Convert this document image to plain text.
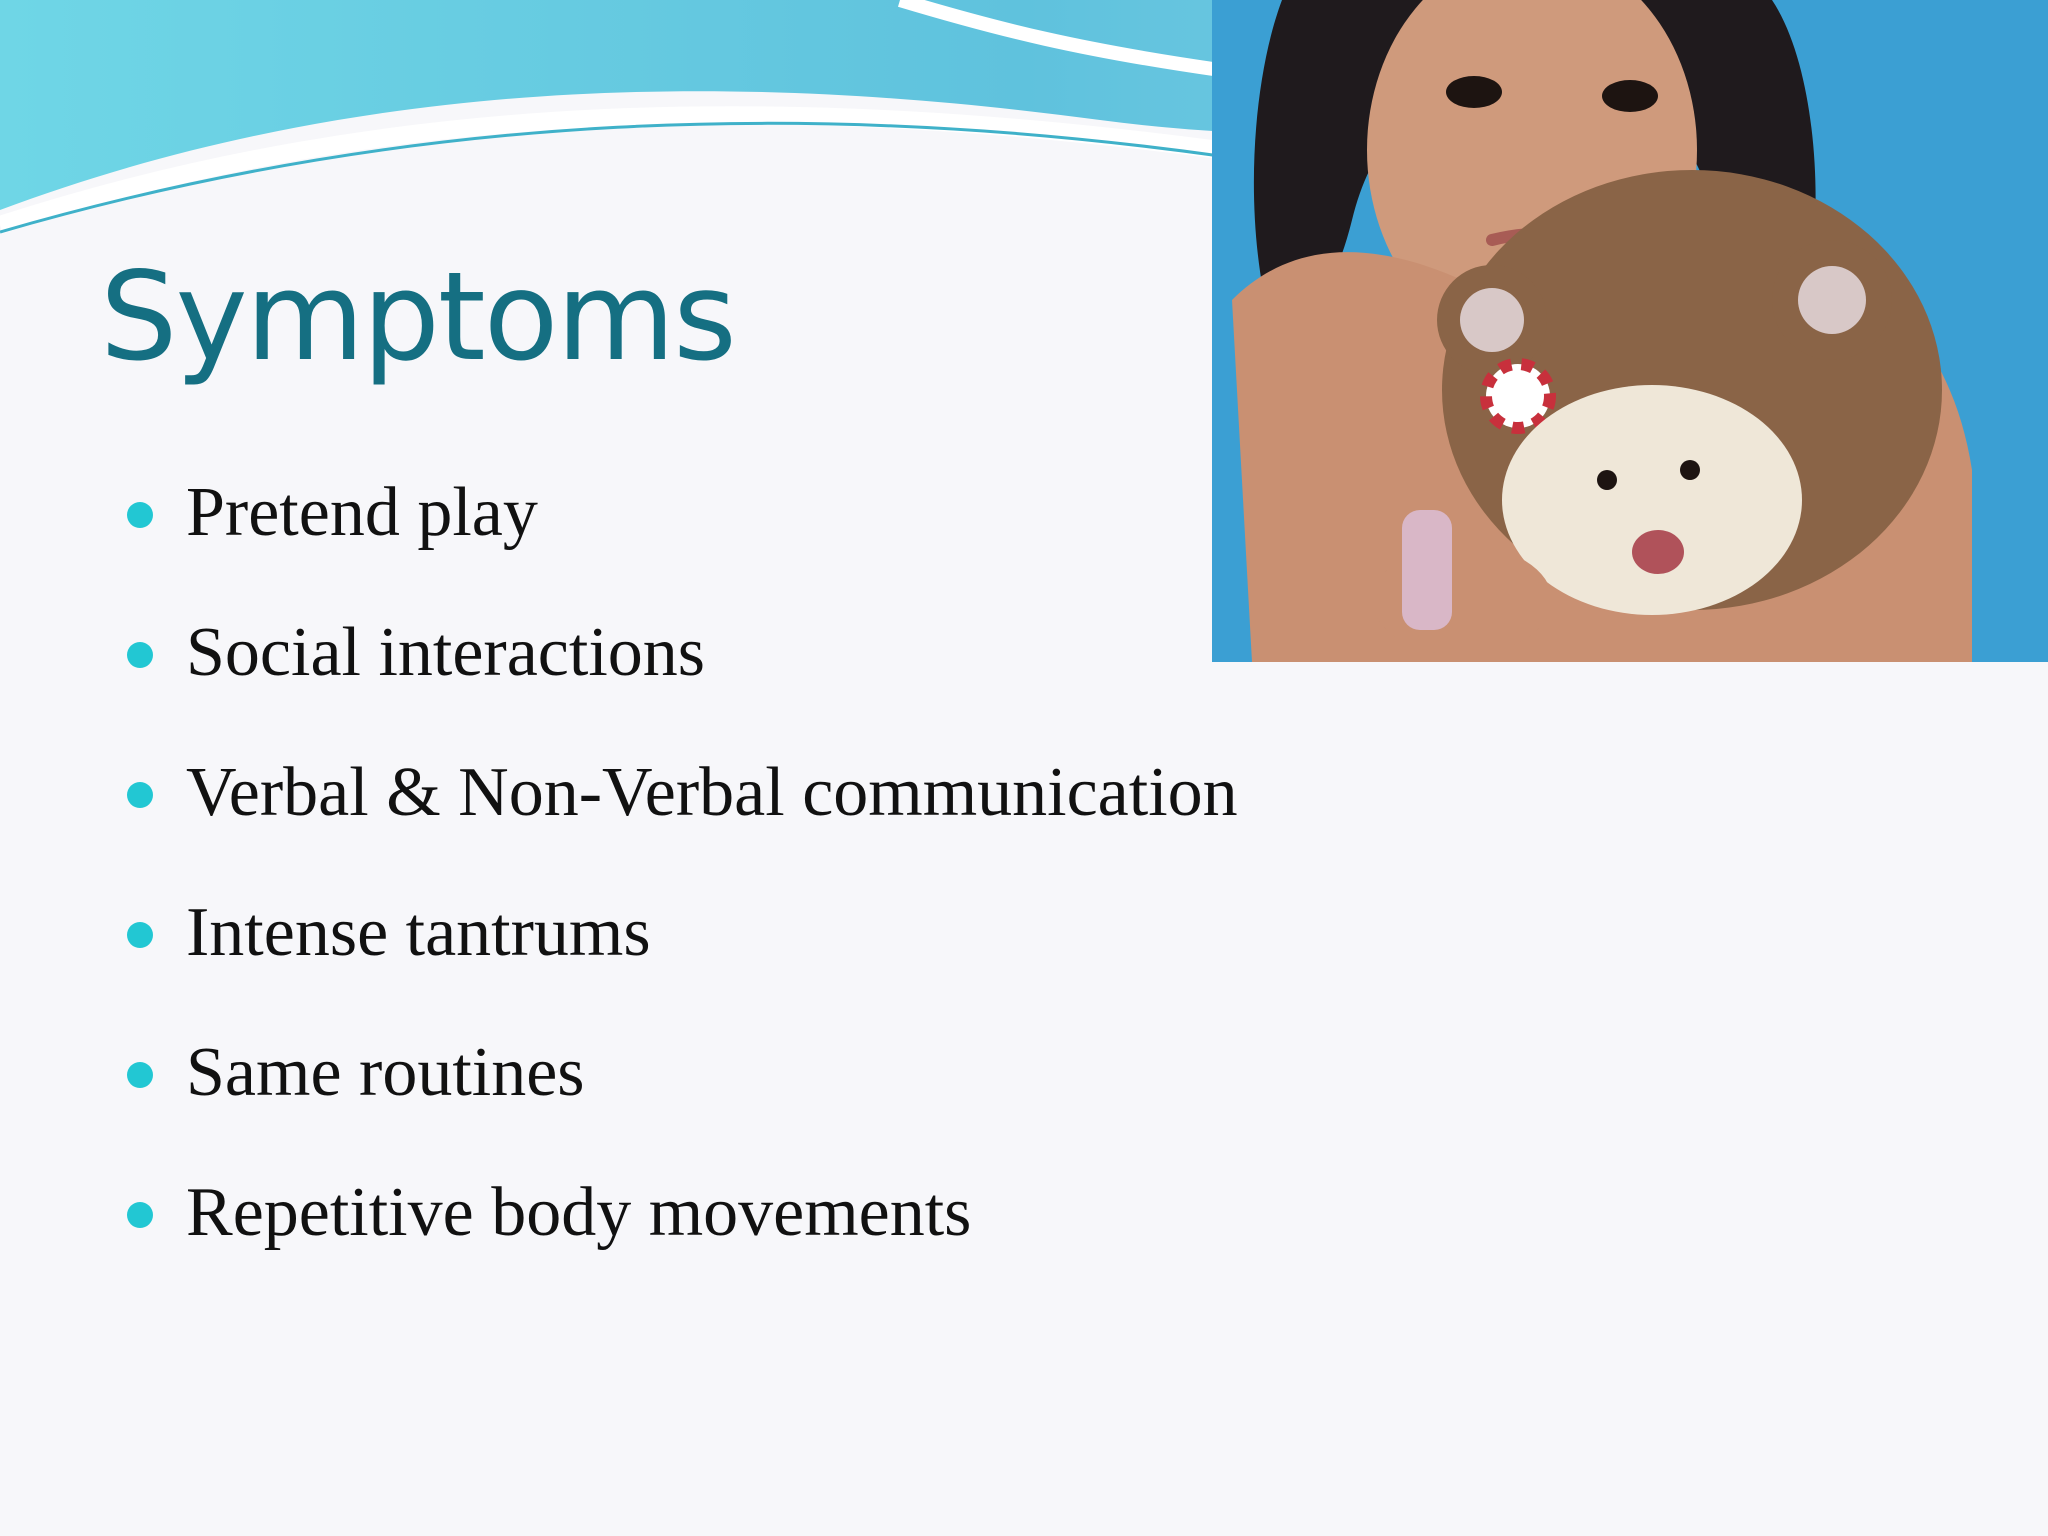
Symptoms
Pretend play
Social interactions
Verbal & Non-Verbal communication
Intense tantrums
Same routines
Repetitive body movements
